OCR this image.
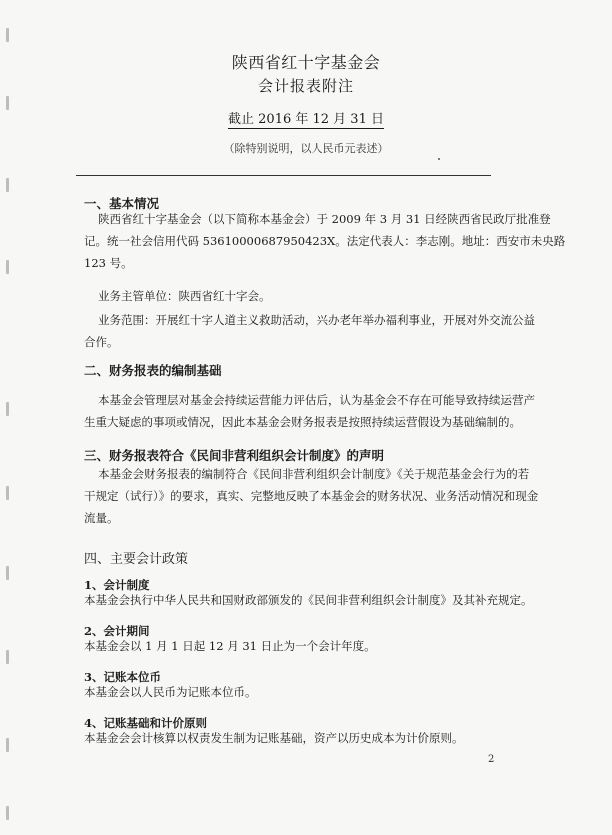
陕西省红十字基金会
会计报表附注
截止 2016 年 12 月 31 日
（除特别说明，以人民币元表述）
一、基本情况
陕西省红十字基金会（以下简称本基金会）于 2009 年 3 月 31 日经陕西省民政厅批准登
记。统一社会信用代码 53610000687950423X。法定代表人：李志刚。地址：西安市未央路
123 号。
业务主管单位：陕西省红十字会。
业务范围：开展红十字人道主义救助活动，兴办老年举办福利事业，开展对外交流公益
合作。
二、财务报表的编制基础
本基金会管理层对基金会持续运营能力评估后，认为基金会不存在可能导致持续运营产
生重大疑虑的事项或情况，因此本基金会财务报表是按照持续运营假设为基础编制的。
三、财务报表符合《民间非营利组织会计制度》的声明
本基金会财务报表的编制符合《民间非营利组织会计制度》《关于规范基金会行为的若
干规定（试行）》的要求，真实、完整地反映了本基金会的财务状况、业务活动情况和现金
流量。
四、主要会计政策
1、会计制度
本基金会执行中华人民共和国财政部颁发的《民间非营利组织会计制度》及其补充规定。
2、会计期间
本基金会以 1 月 1 日起 12 月 31 日止为一个会计年度。
3、记账本位币
本基金会以人民币为记账本位币。
4、记账基础和计价原则
本基金会会计核算以权责发生制为记账基础，资产以历史成本为计价原则。
2
